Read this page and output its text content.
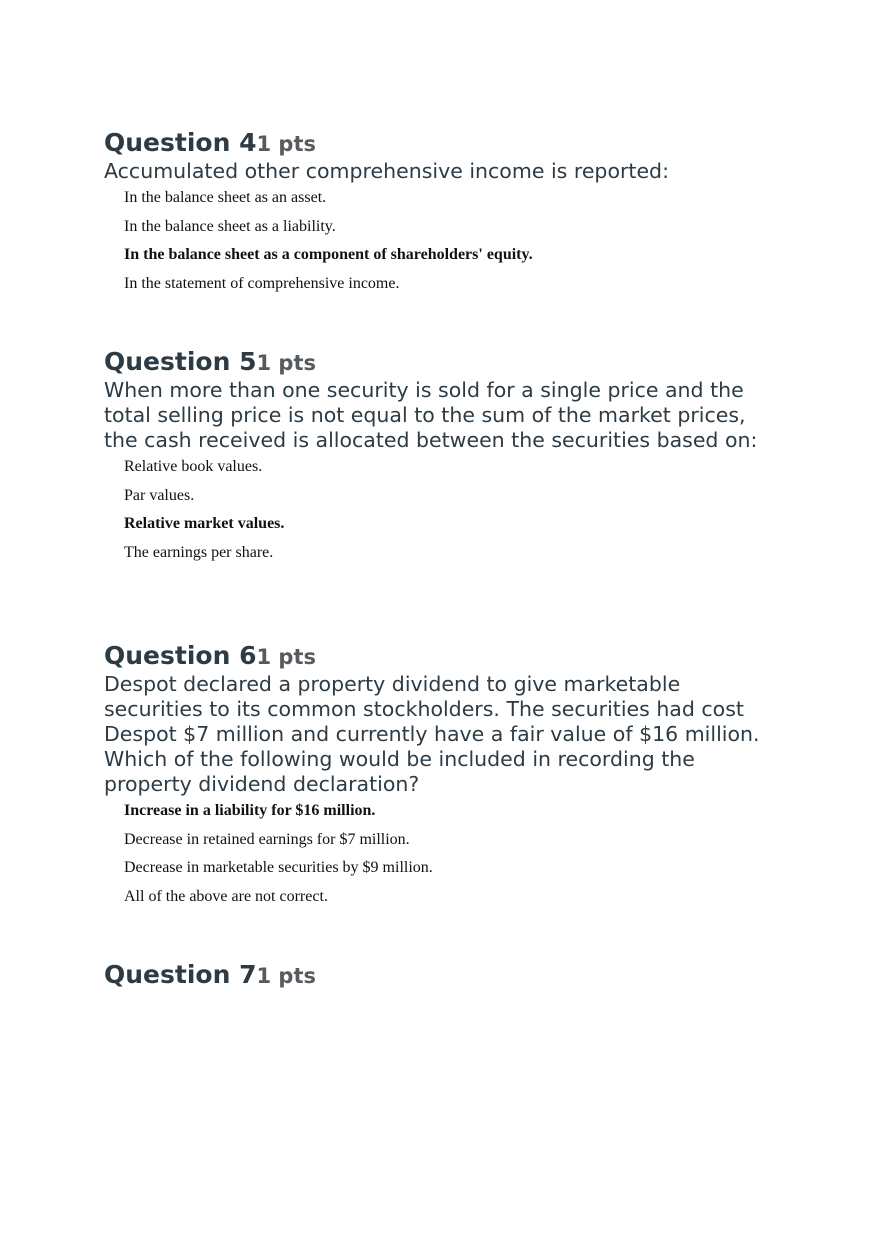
Question 41 pts

Accumulated other comprehensive income is reported:

In the balance sheet as an asset.
In the balance sheet as a liability.
In the balance sheet as a component of shareholders' equity.
In the statement of comprehensive income.
Question 51 pts

When more than one security is sold for a single price and the total selling price is not equal to the sum of the market prices, the cash received is allocated between the securities based on:

Relative book values.
Par values.
Relative market values.
The earnings per share.
Question 61 pts

Despot declared a property dividend to give marketable securities to its common stockholders. The securities had cost Despot $7 million and currently have a fair value of $16 million. Which of the following would be included in recording the property dividend declaration?

Increase in a liability for $16 million.
Decrease in retained earnings for $7 million.
Decrease in marketable securities by $9 million.
All of the above are not correct.
Question 71 pts
